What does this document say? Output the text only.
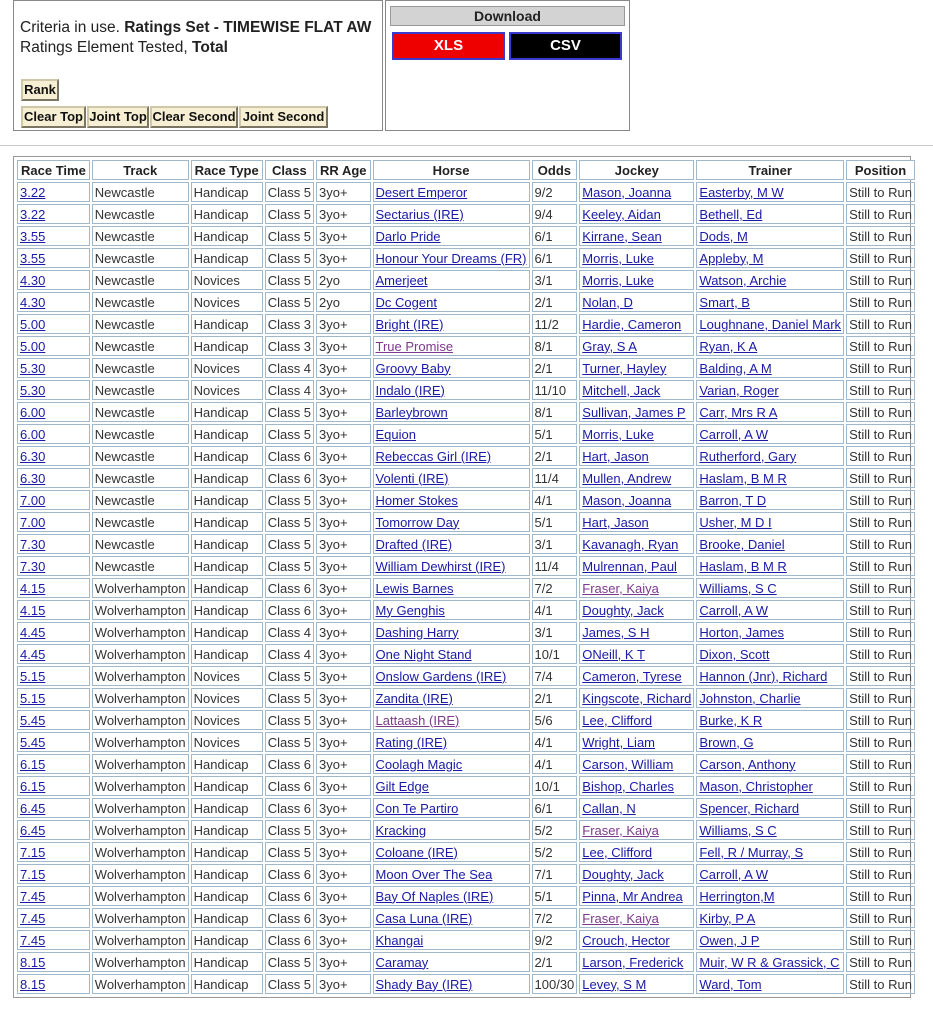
Criteria in use. Ratings Set - TIMEWISE FLAT AW
Ratings Element Tested, Total
Rank
Clear Top Joint Top Clear Second Joint Second
Download
XLS	CSV
Race Time	Track	Race Type	Class	RR Age	Horse	Odds	Jockey	Trainer	Position
3.22	Newcastle	Handicap	Class 5	3yo+	Desert Emperor	9/2	Mason, Joanna	Easterby, M W	Still to Run
3.22	Newcastle	Handicap	Class 5	3yo+	Sectarius (IRE)	9/4	Keeley, Aidan	Bethell, Ed	Still to Run
3.55	Newcastle	Handicap	Class 5	3yo+	Darlo Pride	6/1	Kirrane, Sean	Dods, M	Still to Run
3.55	Newcastle	Handicap	Class 5	3yo+	Honour Your Dreams (FR)	6/1	Morris, Luke	Appleby, M	Still to Run
4.30	Newcastle	Novices	Class 5	2yo	Amerjeet	3/1	Morris, Luke	Watson, Archie	Still to Run
4.30	Newcastle	Novices	Class 5	2yo	Dc Cogent	2/1	Nolan, D	Smart, B	Still to Run
5.00	Newcastle	Handicap	Class 3	3yo+	Bright (IRE)	11/2	Hardie, Cameron	Loughnane, Daniel Mark	Still to Run
5.00	Newcastle	Handicap	Class 3	3yo+	True Promise	8/1	Gray, S A	Ryan, K A	Still to Run
5.30	Newcastle	Novices	Class 4	3yo+	Groovy Baby	2/1	Turner, Hayley	Balding, A M	Still to Run
5.30	Newcastle	Novices	Class 4	3yo+	Indalo (IRE)	11/10	Mitchell, Jack	Varian, Roger	Still to Run
6.00	Newcastle	Handicap	Class 5	3yo+	Barleybrown	8/1	Sullivan, James P	Carr, Mrs R A	Still to Run
6.00	Newcastle	Handicap	Class 5	3yo+	Equion	5/1	Morris, Luke	Carroll, A W	Still to Run
6.30	Newcastle	Handicap	Class 6	3yo+	Rebeccas Girl (IRE)	2/1	Hart, Jason	Rutherford, Gary	Still to Run
6.30	Newcastle	Handicap	Class 6	3yo+	Volenti (IRE)	11/4	Mullen, Andrew	Haslam, B M R	Still to Run
7.00	Newcastle	Handicap	Class 5	3yo+	Homer Stokes	4/1	Mason, Joanna	Barron, T D	Still to Run
7.00	Newcastle	Handicap	Class 5	3yo+	Tomorrow Day	5/1	Hart, Jason	Usher, M D I	Still to Run
7.30	Newcastle	Handicap	Class 5	3yo+	Drafted (IRE)	3/1	Kavanagh, Ryan	Brooke, Daniel	Still to Run
7.30	Newcastle	Handicap	Class 5	3yo+	William Dewhirst (IRE)	11/4	Mulrennan, Paul	Haslam, B M R	Still to Run
4.15	Wolverhampton	Handicap	Class 6	3yo+	Lewis Barnes	7/2	Fraser, Kaiya	Williams, S C	Still to Run
4.15	Wolverhampton	Handicap	Class 6	3yo+	My Genghis	4/1	Doughty, Jack	Carroll, A W	Still to Run
4.45	Wolverhampton	Handicap	Class 4	3yo+	Dashing Harry	3/1	James, S H	Horton, James	Still to Run
4.45	Wolverhampton	Handicap	Class 4	3yo+	One Night Stand	10/1	ONeill, K T	Dixon, Scott	Still to Run
5.15	Wolverhampton	Novices	Class 5	3yo+	Onslow Gardens (IRE)	7/4	Cameron, Tyrese	Hannon (Jnr), Richard	Still to Run
5.15	Wolverhampton	Novices	Class 5	3yo+	Zandita (IRE)	2/1	Kingscote, Richard	Johnston, Charlie	Still to Run
5.45	Wolverhampton	Novices	Class 5	3yo+	Lattaash (IRE)	5/6	Lee, Clifford	Burke, K R	Still to Run
5.45	Wolverhampton	Novices	Class 5	3yo+	Rating (IRE)	4/1	Wright, Liam	Brown, G	Still to Run
6.15	Wolverhampton	Handicap	Class 6	3yo+	Coolagh Magic	4/1	Carson, William	Carson, Anthony	Still to Run
6.15	Wolverhampton	Handicap	Class 6	3yo+	Gilt Edge	10/1	Bishop, Charles	Mason, Christopher	Still to Run
6.45	Wolverhampton	Handicap	Class 6	3yo+	Con Te Partiro	6/1	Callan, N	Spencer, Richard	Still to Run
6.45	Wolverhampton	Handicap	Class 5	3yo+	Kracking	5/2	Fraser, Kaiya	Williams, S C	Still to Run
7.15	Wolverhampton	Handicap	Class 5	3yo+	Coloane (IRE)	5/2	Lee, Clifford	Fell, R / Murray, S	Still to Run
7.15	Wolverhampton	Handicap	Class 6	3yo+	Moon Over The Sea	7/1	Doughty, Jack	Carroll, A W	Still to Run
7.45	Wolverhampton	Handicap	Class 6	3yo+	Bay Of Naples (IRE)	5/1	Pinna, Mr Andrea	Herrington,M	Still to Run
7.45	Wolverhampton	Handicap	Class 6	3yo+	Casa Luna (IRE)	7/2	Fraser, Kaiya	Kirby, P A	Still to Run
7.45	Wolverhampton	Handicap	Class 6	3yo+	Khangai	9/2	Crouch, Hector	Owen, J P	Still to Run
8.15	Wolverhampton	Handicap	Class 5	3yo+	Caramay	2/1	Larson, Frederick	Muir, W R & Grassick, C	Still to Run
8.15	Wolverhampton	Handicap	Class 5	3yo+	Shady Bay (IRE)	100/30	Levey, S M	Ward, Tom	Still to Run
